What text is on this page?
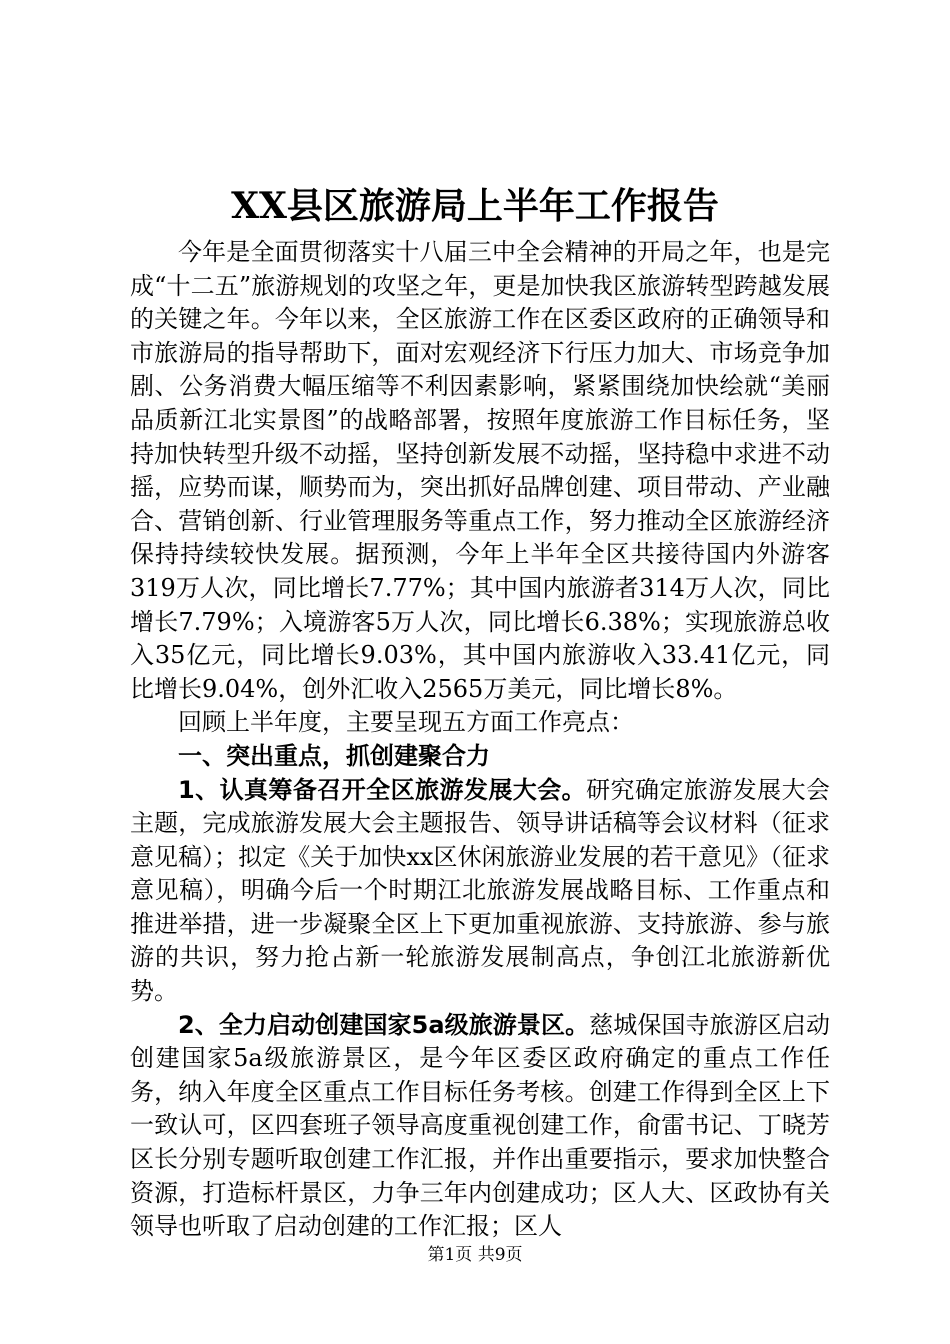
XX县区旅游局上半年工作报告

今年是全面贯彻落实十八届三中全会精神的开局之年，也是完成“十二五”旅游规划的攻坚之年，更是加快我区旅游转型跨越发展的关键之年。今年以来，全区旅游工作在区委区政府的正确领导和市旅游局的指导帮助下，面对宏观经济下行压力加大、市场竞争加剧、公务消费大幅压缩等不利因素影响，紧紧围绕加快绘就“美丽品质新江北实景图”的战略部署，按照年度旅游工作目标任务，坚持加快转型升级不动摇，坚持创新发展不动摇，坚持稳中求进不动摇，应势而谋，顺势而为，突出抓好品牌创建、项目带动、产业融合、营销创新、行业管理服务等重点工作，努力推动全区旅游经济保持持续较快发展。据预测，今年上半年全区共接待国内外游客319万人次，同比增长7.77%；其中国内旅游者314万人次，同比增长7.79%；入境游客5万人次，同比增长6.38%；实现旅游总收入35亿元，同比增长9.03%，其中国内旅游收入33.41亿元，同比增长9.04%，创外汇收入2565万美元，同比增长8%。

回顾上半年度，主要呈现五方面工作亮点：

一、突出重点，抓创建聚合力

1、认真筹备召开全区旅游发展大会。研究确定旅游发展大会主题，完成旅游发展大会主题报告、领导讲话稿等会议材料（征求意见稿）；拟定《关于加快xx区休闲旅游业发展的若干意见》（征求意见稿），明确今后一个时期江北旅游发展战略目标、工作重点和推进举措，进一步凝聚全区上下更加重视旅游、支持旅游、参与旅游的共识，努力抢占新一轮旅游发展制高点，争创江北旅游新优势。

2、全力启动创建国家5a级旅游景区。慈城保国寺旅游区启动创建国家5a级旅游景区，是今年区委区政府确定的重点工作任务，纳入年度全区重点工作目标任务考核。创建工作得到全区上下一致认可，区四套班子领导高度重视创建工作，俞雷书记、丁晓芳区长分别专题听取创建工作汇报，并作出重要指示，要求加快整合资源，打造标杆景区，力争三年内创建成功；区人大、区政协有关领导也听取了启动创建的工作汇报；区人

第1页 共9页
